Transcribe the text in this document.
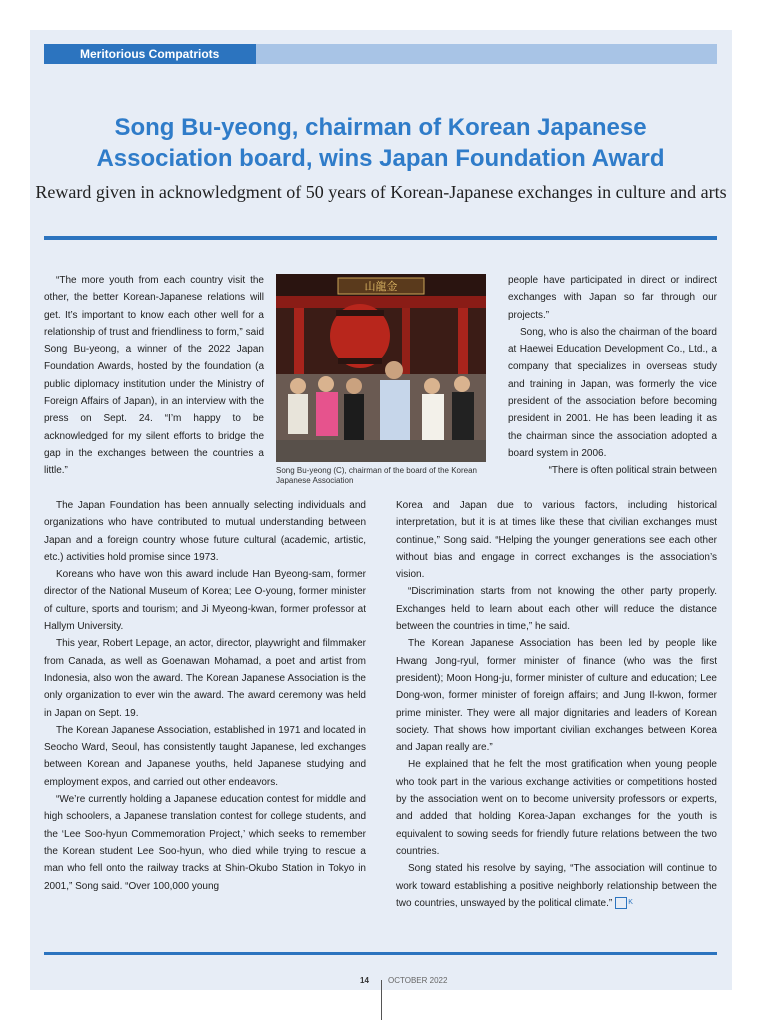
Meritorious Compatriots
Song Bu-yeong, chairman of Korean Japanese Association board, wins Japan Foundation Award

Reward given in acknowledgment of 50 years of Korean-Japanese exchanges in culture and arts

“The more youth from each country visit the other, the better Korean-Japanese relations will get. It’s important to know each other well for a relationship of trust and friendliness to form,” said Song Bu-yeong, a winner of the 2022 Japan Foundation Awards, hosted by the foundation (a public diplomacy institution under the Ministry of Foreign Affairs of Japan), in an interview with the press on Sept. 24. “I’m happy to be acknowledged for my silent efforts to bridge the gap in the exchanges between the countries a little.”

山龍金
Song Bu-yeong (C), chairman of the board of the Korean Japanese Association

people have participated in direct or indirect exchanges with Japan so far through our projects.”

Song, who is also the chairman of the board at Haewei Education Development Co., Ltd., a company that specializes in overseas study and training in Japan, was formerly the vice president of the association before becoming president in 2001. He has been leading it as the chairman since the association adopted a board system in 2006.

“There is often political strain between

The Japan Foundation has been annually selecting individuals and organizations who have contributed to mutual understanding between Japan and a foreign country whose future cultural (academic, artistic, etc.) activities hold promise since 1973.

Koreans who have won this award include Han Byeong-sam, former director of the National Museum of Korea; Lee O-young, former minister of culture, sports and tourism; and Ji Myeong-kwan, former professor at Hallym University.

This year, Robert Lepage, an actor, director, playwright and filmmaker from Canada, as well as Goenawan Mohamad, a poet and artist from Indonesia, also won the award. The Korean Japanese Association is the only organization to ever win the award. The award ceremony was held in Japan on Sept. 19.

The Korean Japanese Association, established in 1971 and located in Seocho Ward, Seoul, has consistently taught Japanese, led exchanges between Korean and Japanese youths, held Japanese studying and employment expos, and carried out other endeavors.

“We’re currently holding a Japanese education contest for middle and high schoolers, a Japanese translation contest for college students, and the ‘Lee Soo-hyun Commemoration Project,’ which seeks to remember the Korean student Lee Soo-hyun, who died while trying to rescue a man who fell onto the railway tracks at Shin-Okubo Station in Tokyo in 2001,” Song said. “Over 100,000 young

Korea and Japan due to various factors, including historical interpretation, but it is at times like these that civilian exchanges must continue,” Song said. “Helping the younger generations see each other without bias and engage in correct exchanges is the association’s vision.

“Discrimination starts from not knowing the other party properly. Exchanges held to learn about each other will reduce the distance between the countries in time,” he said.

The Korean Japanese Association has been led by people like Hwang Jong-ryul, former minister of finance (who was the first president); Moon Hong-ju, former minister of culture and education; Lee Dong-won, former minister of foreign affairs; and Jung Il-kwon, former prime minister. They were all major dignitaries and leaders of Korean society. That shows how important civilian exchanges between Korea and Japan really are.”

He explained that he felt the most gratification when young people who took part in the various exchange activities or competitions hosted by the association went on to become university professors or experts, and added that holding Korea-Japan exchanges for the youth is equivalent to sowing seeds for friendly future relations between the two countries.

Song stated his resolve by saying, “The association will continue to work toward establishing a positive neighborly relationship between the two countries, unswayed by the political climate.” K

14 OCTOBER 2022
